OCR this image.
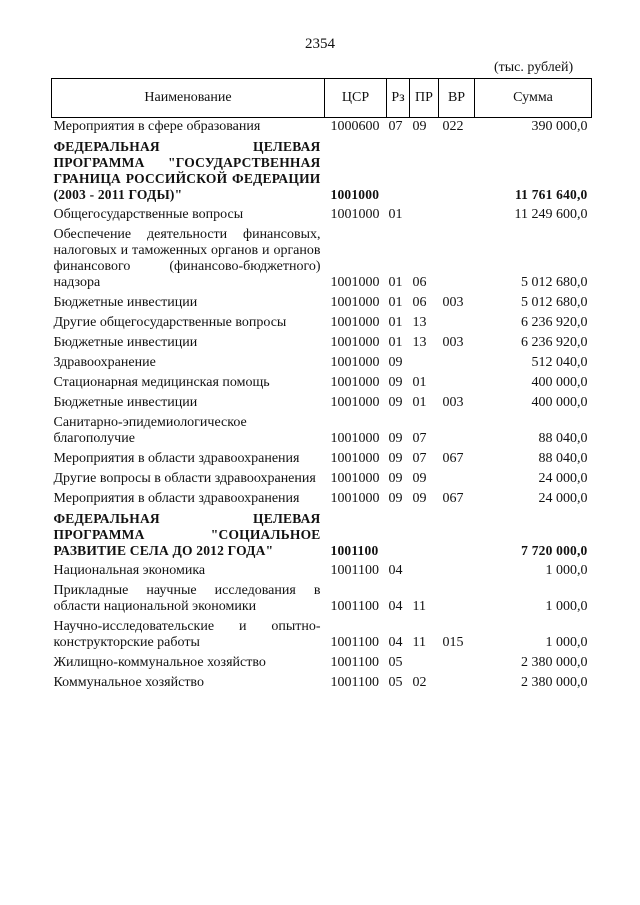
2354
(тыс. рублей)
Наименование	ЦСР	Рз	ПР	ВР	Сумма
Мероприятия в сфере образования	1000600	07	09	022	390 000,0
ФЕДЕРАЛЬНАЯ ЦЕЛЕВАЯ ПРОГРАММА "ГОСУДАРСТВЕННАЯ ГРАНИЦА РОССИЙСКОЙ ФЕДЕРАЦИИ (2003 - 2011 ГОДЫ)"	1001000				11 761 640,0
Общегосударственные вопросы	1001000	01			11 249 600,0
Обеспечение деятельности финансовых, налоговых и таможенных органов и органов финансового (финансово-бюджетного) надзора	1001000	01	06		5 012 680,0
Бюджетные инвестиции	1001000	01	06	003	5 012 680,0
Другие общегосударственные вопросы	1001000	01	13		6 236 920,0
Бюджетные инвестиции	1001000	01	13	003	6 236 920,0
Здравоохранение	1001000	09			512 040,0
Стационарная медицинская помощь	1001000	09	01		400 000,0
Бюджетные инвестиции	1001000	09	01	003	400 000,0
Санитарно-эпидемиологическое благополучие	1001000	09	07		88 040,0
Мероприятия в области здравоохранения	1001000	09	07	067	88 040,0
Другие вопросы в области здравоохранения	1001000	09	09		24 000,0
Мероприятия в области здравоохранения	1001000	09	09	067	24 000,0
ФЕДЕРАЛЬНАЯ ЦЕЛЕВАЯ ПРОГРАММА "СОЦИАЛЬНОЕ РАЗВИТИЕ СЕЛА ДО 2012 ГОДА"	1001100				7 720 000,0
Национальная экономика	1001100	04			1 000,0
Прикладные научные исследования в области национальной экономики	1001100	04	11		1 000,0
Научно-исследовательские и опытно-конструкторские работы	1001100	04	11	015	1 000,0
Жилищно-коммунальное хозяйство	1001100	05			2 380 000,0
Коммунальное хозяйство	1001100	05	02		2 380 000,0
